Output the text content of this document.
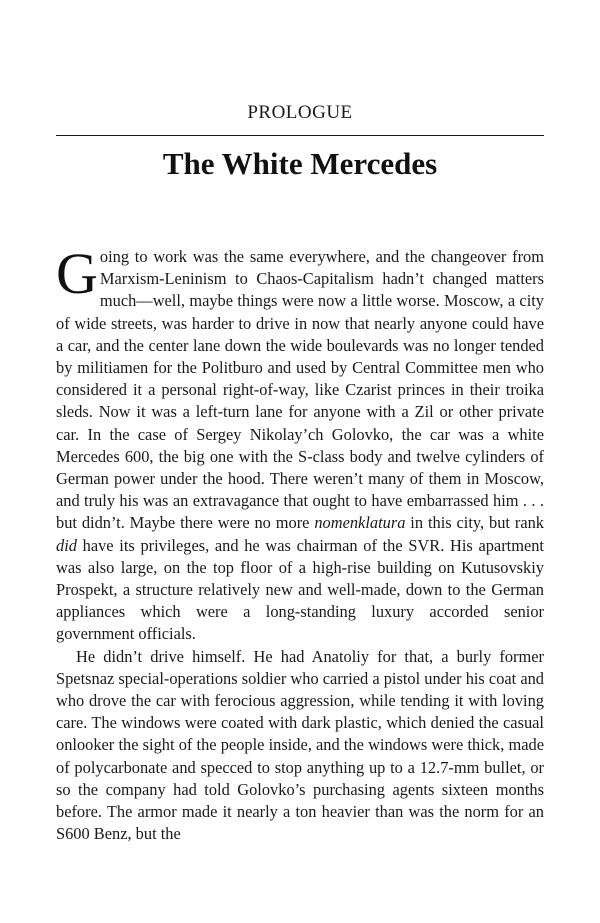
PROLOGUE
The White Mercedes

Going to work was the same everywhere, and the changeover from Marxism-Leninism to Chaos-Capitalism hadn’t changed matters much—well, maybe things were now a little worse. Moscow, a city of wide streets, was harder to drive in now that nearly anyone could have a car, and the center lane down the wide boulevards was no longer tended by militiamen for the Politburo and used by Central Committee men who considered it a personal right-of-way, like Czarist princes in their troika sleds. Now it was a left-turn lane for anyone with a Zil or other private car. In the case of Sergey Nikolay’ch Golovko, the car was a white Mercedes 600, the big one with the S-class body and twelve cylinders of German power under the hood. There weren’t many of them in Moscow, and truly his was an extravagance that ought to have embarrassed him . . . but didn’t. Maybe there were no more nomenklatura in this city, but rank did have its privileges, and he was chairman of the SVR. His apartment was also large, on the top floor of a high-rise building on Kutusovskiy Prospekt, a structure relatively new and well-made, down to the German appliances which were a long-standing luxury accorded senior government officials.

He didn’t drive himself. He had Anatoliy for that, a burly former Spetsnaz special-operations soldier who carried a pistol under his coat and who drove the car with ferocious aggression, while tending it with loving care. The windows were coated with dark plastic, which denied the casual onlooker the sight of the people inside, and the windows were thick, made of polycarbonate and specced to stop anything up to a 12.7-mm bullet, or so the company had told Golovko’s purchasing agents sixteen months before. The armor made it nearly a ton heavier than was the norm for an S600 Benz, but the
